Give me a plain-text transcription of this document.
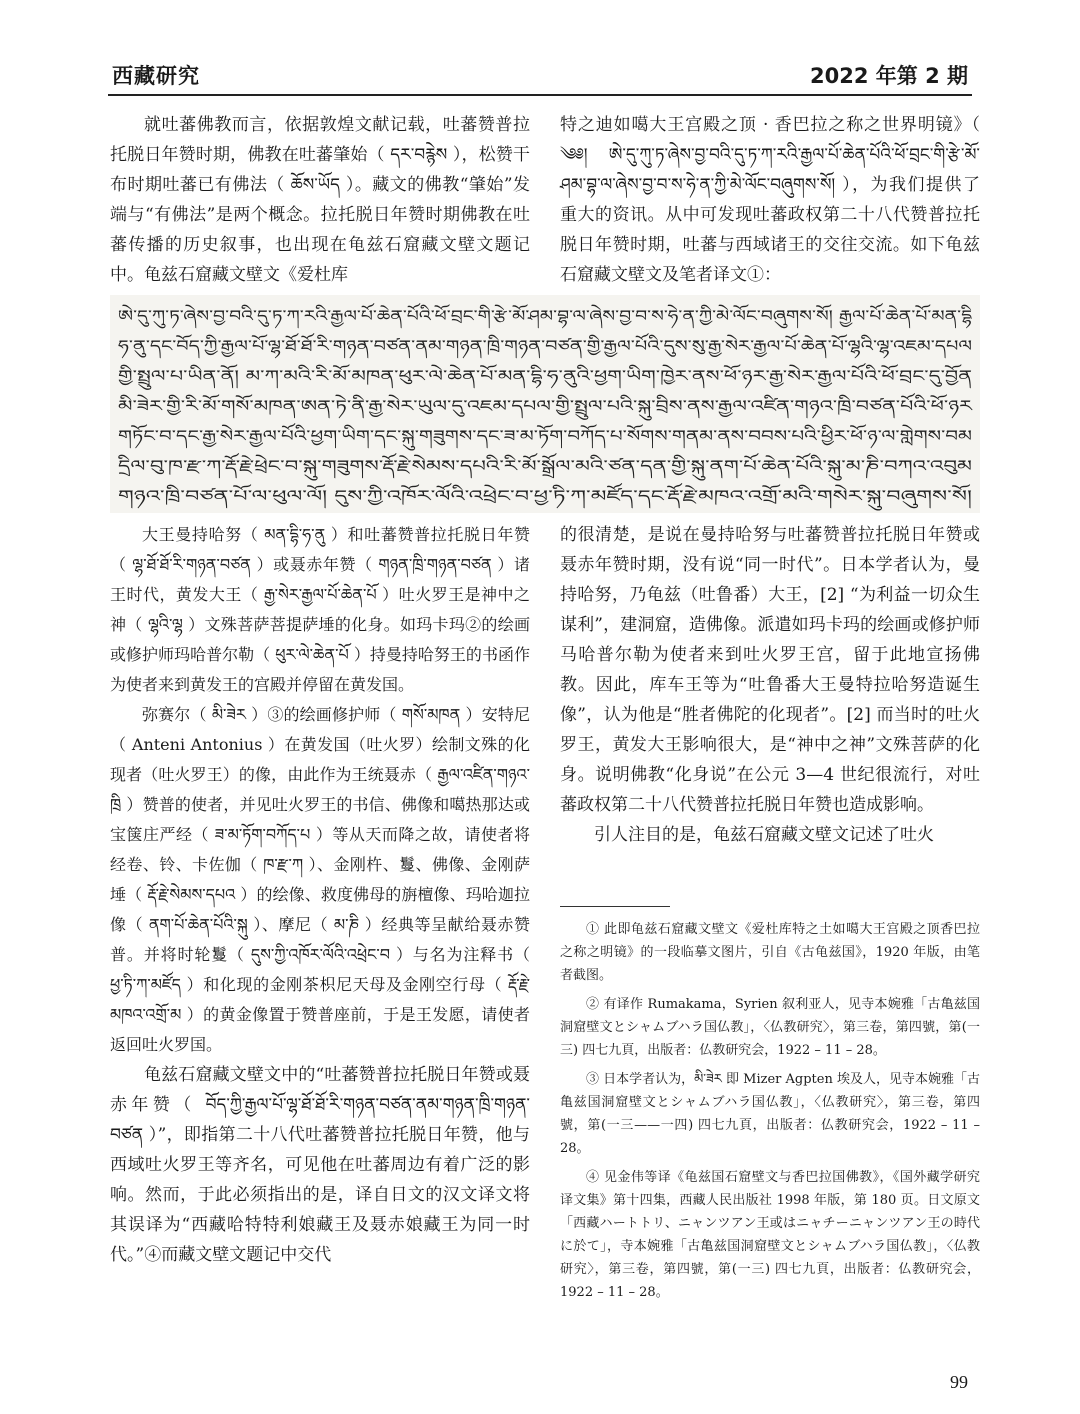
西藏研究	2022 年第 2 期

就吐蕃佛教而言，依据敦煌文献记载，吐蕃赞普拉托脱日年赞时期，佛教在吐蕃肇始（ དར་བརྙེས ），松赞干布时期吐蕃已有佛法（ ཆོས་ཡོད ）。藏文的佛教“肇始”发端与“有佛法”是两个概念。拉托脱日年赞时期佛教在吐蕃传播的历史叙事，也出现在龟兹石窟藏文壁文题记中。龟兹石窟藏文壁文《爱杜库

特之迪如噶大王宫殿之顶 · 香巴拉之称之世界明镜》（ ༄༅། ཨེ་དུ་ཀུ་ཏ་ཞེས་བྱ་བའི་དུ་ཏ་ཀ་རའི་རྒྱལ་པོ་ཆེན་པོའི་ཕོ་བྲང་གི་རྩེ་མོ་ཤམ་བྷ་ལ་ཞེས་བྱ་བ་ས་ཧེ་ན་ཀྱི་མེ་ལོང་བཞུགས་སོ། ），为我们提供了重大的资讯。从中可发现吐蕃政权第二十八代赞普拉托脱日年赞时期，吐蕃与西域诸王的交往交流。如下龟兹石窟藏文壁文及笔者译文①：

ཨེ་དུ་ཀུ་ཏ་ཞེས་བྱ་བའི་དུ་ཏ་ཀ་རའི་རྒྱལ་པོ་ཆེན་པོའི་ཕོ་བྲང་གི་རྩེ་མོ་ཤམ་བྷ་ལ་ཞེས་བྱ་བ་ས་ཧེ་ན་ཀྱི་མེ་ལོང་བཞུགས་སོ། རྒྱལ་པོ་ཆེན་པོ་མན་དྷི
ཧ་ནུ་དང་བོད་ཀྱི་རྒྱལ་པོ་ལྷ་ཐོ་ཐོ་རི་གཉན་བཙན་ནམ་གཉན་ཁྲི་གཉན་བཙན་གྱི་རྒྱལ་པོའི་དུས་སུ་རྒྱ་སེར་རྒྱལ་པོ་ཆེན་པོ་ལྷའི་ལྷ་འཇམ་དཔལ
གྱི་སྤྲུལ་པ་ཡིན་ནོ། མ་ཀ་མའི་རི་མོ་མཁན་ཕུར་ལེ་ཆེན་པོ་མན་དྷི་ཧ་ནུའི་ཕྱག་ཡིག་ཁྱེར་ནས་ཕོ་ཉར་རྒྱ་སེར་རྒྱལ་པོའི་ཕོ་བྲང་དུ་བྱོན
མི་ཟེར་གྱི་རི་མོ་གསོ་མཁན་ཨན་ཏེ་ནི་རྒྱ་སེར་ཡུལ་དུ་འཇམ་དཔལ་གྱི་སྤྲུལ་པའི་སྐུ་བྲིས་ནས་རྒྱལ་འཛིན་གཉའ་ཁྲི་བཙན་པོའི་ཕོ་ཉར
གཏོང་བ་དང་རྒྱ་སེར་རྒྱལ་པོའི་ཕྱག་ཡིག་དང་སྐུ་གཟུགས་དང་ཟ་མ་ཏོག་བཀོད་པ་སོགས་གནམ་ནས་བབས་པའི་ཕྱིར་ཕོ་ཉ་ལ་གླེགས་བམ
དྲིལ་བུ་ཁ་རྫ་ཀ་རྡོ་རྗེ་ཕྲེང་བ་སྐུ་གཟུགས་རྡོ་རྗེ་སེམས་དཔའི་རི་མོ་སྒྲོལ་མའི་ཙན་དན་གྱི་སྐུ་ནག་པོ་ཆེན་པོའི་སྐུ་མ་ཎི་བཀའ་འབུམ
གཉའ་ཁྲི་བཙན་པོ་ལ་ཕུལ་ལོ། དུས་ཀྱི་འཁོར་ལོའི་འཕྲེང་བ་ཕྱ་ཏི་ཀ་མཛོད་དང་རྡོ་རྗེ་མཁའ་འགྲོ་མའི་གསེར་སྐུ་བཞུགས་སོ།

大王曼持哈努（ མན་དྷི་ཧ་ནུ ）和吐蕃赞普拉托脱日年赞（ ལྷ་ཐོ་ཐོ་རི་གཉན་བཙན ）或聂赤年赞（ གཉན་ཁྲི་གཉན་བཙན ）诸王时代，黄发大王（ རྒྱ་སེར་རྒྱལ་པོ་ཆེན་པོ ）吐火罗王是神中之神（ ལྷའི་ལྷ ）文殊菩萨菩提萨埵的化身。如玛卡玛②的绘画或修护师玛哈普尔勒（ ཕུར་ལེ་ཆེན་པོ ）持曼持哈努王的书函作为使者来到黄发王的宫殿并停留在黄发国。

弥赛尔（ མི་ཟེར ）③的绘画修护师（ གསོ་མཁན ）安特尼（ Anteni Antonius ）在黄发国（吐火罗）绘制文殊的化现者（吐火罗王）的像，由此作为王统聂赤（ རྒྱལ་འཛིན་གཉའ་ཁྲི ）赞普的使者，并见吐火罗王的书信、佛像和噶热那达或宝箧庄严经（ ཟ་མ་ཏོག་བཀོད་པ ）等从天而降之故，请使者将经卷、铃、卡佐伽（ ཁ་རྫ་ཀ ）、金刚杵、鬘、佛像、金刚萨埵（ རྡོ་རྗེ་སེམས་དཔའ ）的绘像、救度佛母的旃檀像、玛哈迦拉像（ ནག་པོ་ཆེན་པོའི་སྐུ ）、摩尼（ མ་ཎི ）经典等呈献给聂赤赞普。并将时轮鬘（ དུས་ཀྱི་འཁོར་ལོའི་འཕྲེང་བ ）与名为注释书（ ཕྱ་ཏི་ཀ་མཛོད ）和化现的金刚茶枳尼天母及金刚空行母（ རྡོ་རྗེ་མཁའ་འགྲོ་མ ）的黄金像置于赞普座前，于是王发愿，请使者返回吐火罗国。

龟兹石窟藏文壁文中的“吐蕃赞普拉托脱日年赞或聂赤年赞（ བོད་ཀྱི་རྒྱལ་པོ་ལྷ་ཐོ་ཐོ་རི་གཉན་བཙན་ནམ་གཉན་ཁྲི་གཉན་བཙན ）”，即指第二十八代吐蕃赞普拉托脱日年赞，他与西域吐火罗王等齐名，可见他在吐蕃周边有着广泛的影响。然而，于此必须指出的是，译自日文的汉文译文将其误译为“西藏哈特特利娘藏王及聂赤娘藏王为同一时代。”④而藏文壁文题记中交代

的很清楚，是说在曼持哈努与吐蕃赞普拉托脱日年赞或聂赤年赞时期，没有说“同一时代”。日本学者认为，曼持哈努，乃龟兹（吐鲁番）大王，[2] “为利益一切众生谋利”，建洞窟，造佛像。派遣如玛卡玛的绘画或修护师马哈普尔勒为使者来到吐火罗王宫，留于此地宣扬佛教。因此，库车王等为“吐鲁番大王曼特拉哈努造诞生像”，认为他是“胜者佛陀的化现者”。[2] 而当时的吐火罗王，黄发大王影响很大，是“神中之神”文殊菩萨的化身。说明佛教“化身说”在公元 3—4 世纪很流行，对吐蕃政权第二十八代赞普拉托脱日年赞也造成影响。

引人注目的是，龟兹石窟藏文壁文记述了吐火

① 此即龟兹石窟藏文壁文《爱杜库特之土如噶大王宫殿之顶香巴拉之称之明镜》的一段临摹文图片，引自《古龟兹国》，1920 年版，由笔者截图。

② 有译作 Rumakama，Syrien 叙利亚人，见寺本婉雅「古亀兹国洞窟壁文とシャムブハラ国仏教」，〈仏教研究〉，第三卷，第四號，第(一三) 四七九頁，出版者：仏教研究会，1922 – 11 – 28。

③ 日本学者认为，མི་ཟེར 即 Mizer Agpten 埃及人，见寺本婉雅「古亀兹国洞窟壁文とシャムブハラ国仏教」，〈仏教研究〉，第三卷，第四號，第(一三——一四) 四七九頁，出版者：仏教研究会，1922 – 11 – 28。

④ 见金伟等译《龟兹国石窟壁文与香巴拉国佛教》，《国外藏学研究译文集》第十四集，西藏人民出版社 1998 年版，第 180 页。日文原文「西藏ハートトリ、ニャンツアン王或はニャチーニャンツアン王の時代に於て」，寺本婉雅「古亀兹国洞窟壁文とシャムブハラ国仏教」，〈仏教研究〉，第三卷，第四號，第(一三) 四七九頁，出版者：仏教研究会，1922 – 11 – 28。

99
